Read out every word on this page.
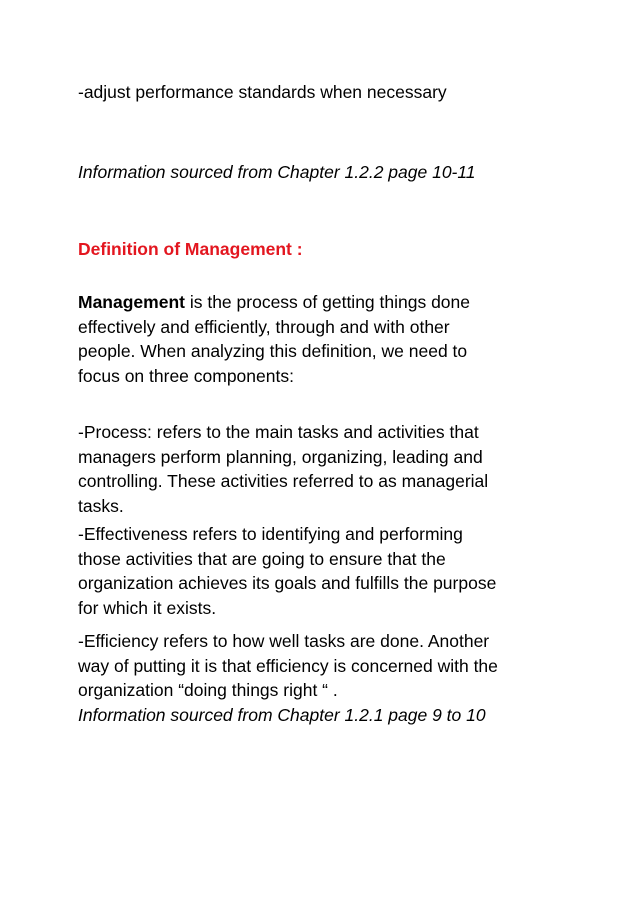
-adjust performance standards when necessary
Information sourced from Chapter 1.2.2 page 10-11
Definition of Management :
Management is the process of getting things done
effectively and efficiently, through and with other
people. When analyzing this definition, we need to
focus on three components:
-Process: refers to the main tasks and activities that
managers perform planning, organizing, leading and
controlling. These activities referred to as managerial
tasks.
-Effectiveness refers to identifying and performing
those activities that are going to ensure that the
organization achieves its goals and fulfills the purpose
for which it exists.
-Efficiency refers to how well tasks are done. Another
way of putting it is that efficiency is concerned with the
organization “doing things right “ .
Information sourced from Chapter 1.2.1 page 9 to 10
